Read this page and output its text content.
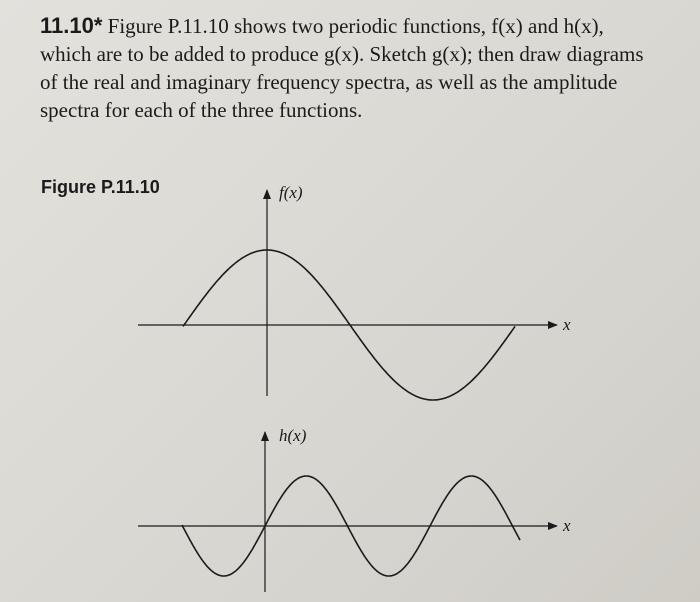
11.10* Figure P.11.10 shows two periodic functions, f(x) and h(x),
which are to be added to produce g(x). Sketch g(x); then draw diagrams
of the real and imaginary frequency spectra, as well as the amplitude
spectra for each of the three functions.
Figure P.11.10	f(x)
x
h(x)
x
